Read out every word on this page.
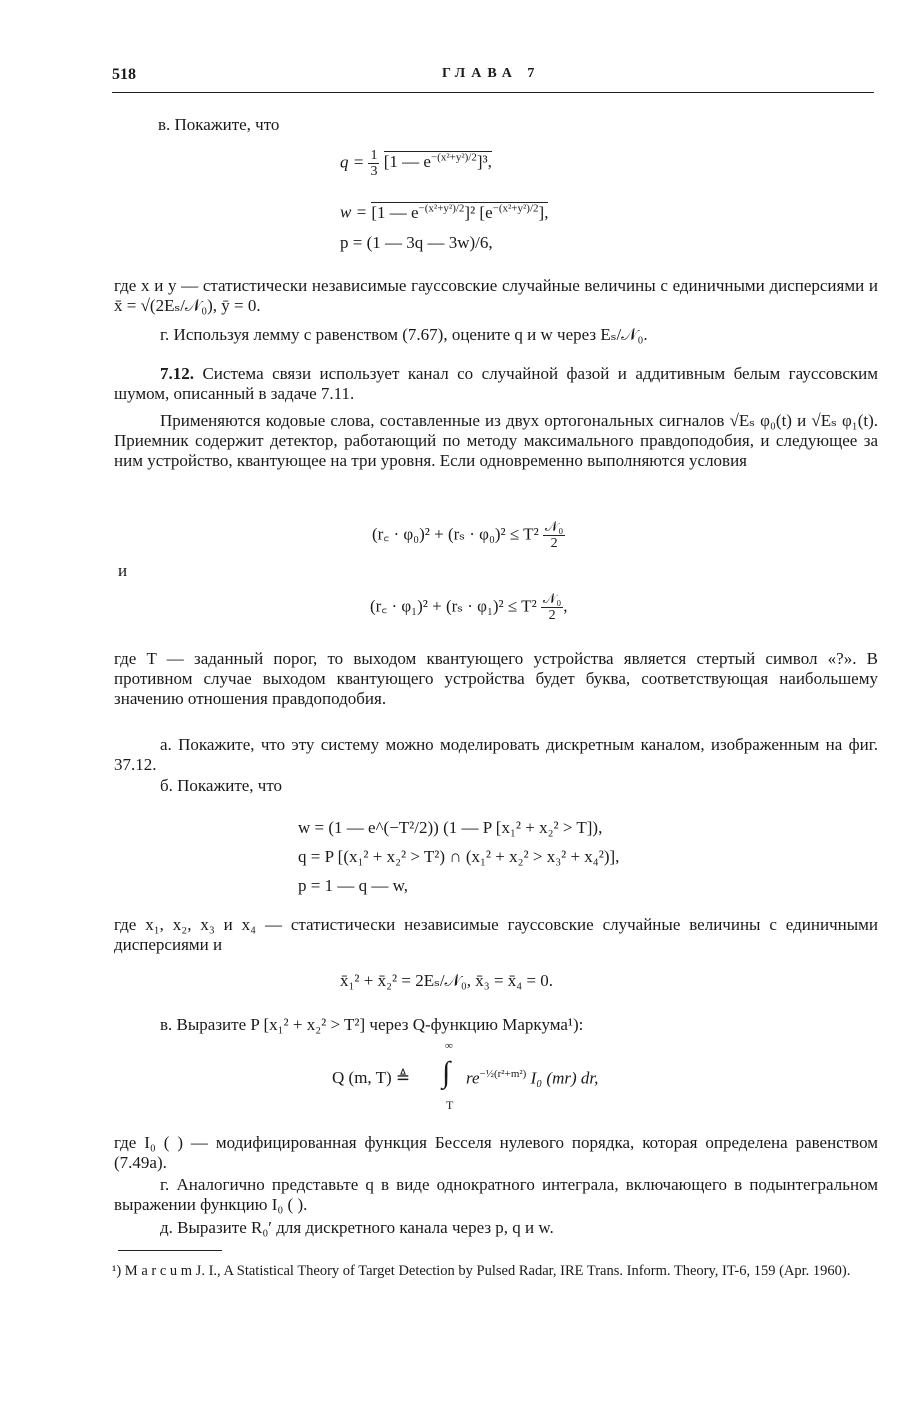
518	ГЛАВА 7
в. Покажите, что
$q = \frac{1}{3} [1$ — $e^{-(x^2+y^2)/2}]^3$,
w = [1 — $e^{-(x^2+y^2)/2}]^2$ $[e^{-(x^2+y^2)/2}]$,
p = (1 — 3q — 3w)/6,
где x и y — статистически независимые гауссовские случайные величины с единичными дисперсиями и x̄ = √(2Eₛ/𝒩₀), ȳ = 0.
г. Используя лемму с равенством (7.67), оцените q и w через Eₛ/𝒩₀.
7.12. Система связи использует канал со случайной фазой и аддитивным белым гауссовским шумом, описанный в задаче 7.11.
Применяются кодовые слова, составленные из двух ортогональных сигналов √Eₛ φ₀(t) и √Eₛ φ₁(t). Приемник содержит детектор, работающий по методу максимального правдоподобия, и следующее за ним устройство, квантующее на три уровня. Если одновременно выполняются условия
(r꜀ · $\varphi_0)^2 + (r_s \cdot \varphi_0)^2 \le T^2 \frac{\text{𝒩₀}}{2}$
и
(r꜀ · $\varphi_1)^2 + (r_s \cdot \varphi_1)^2 \le T^2 \frac{\text{𝒩₀}}{2}$ ,
где T — заданный порог, то выходом квантующего устройства является стертый символ «?». В противном случае выходом квантующего устройства будет буква, соответствующая наибольшему значению отношения правдоподобия.
а. Покажите, что эту систему можно моделировать дискретным каналом, изображенным на фиг. 37.12.
б. Покажите, что
w = (1 — e^(−T²/2)) (1 — P [x₁² + x₂² > T]),
q = P [(x₁² + x₂² > T²) ∩ (x₁² + x₂² > x₃² + x₄²)],
p = 1 — q — w,
где x₁, x₂, x₃ и x₄ — статистически независимые гауссовские случайные величины с единичными дисперсиями и
x̄₁² + x̄₂² = 2Eₛ/𝒩₀, x̄₃ = x̄₄ = 0.
в. Выразите P [x₁² + x₂² > T²] через Q-функцию Маркума¹):
Q (m, T) ≜
∞
∫
T
$re^{-\frac{1}{2}(r^2+m^2)}$ I₀ (mr) dr,
где I₀ ( ) — модифицированная функция Бесселя нулевого порядка, которая определена равенством (7.49а).
г. Аналогично представьте q в виде однократного интеграла, включающего в подынтегральном выражении функцию I₀ ( ).
д. Выразите R₀′ для дискретного канала через p, q и w.
¹) M a r c u m J. I., A Statistical Theory of Target Detection by Pulsed Radar, IRE Trans. Inform. Theory, IT-6, 159 (Apr. 1960).
